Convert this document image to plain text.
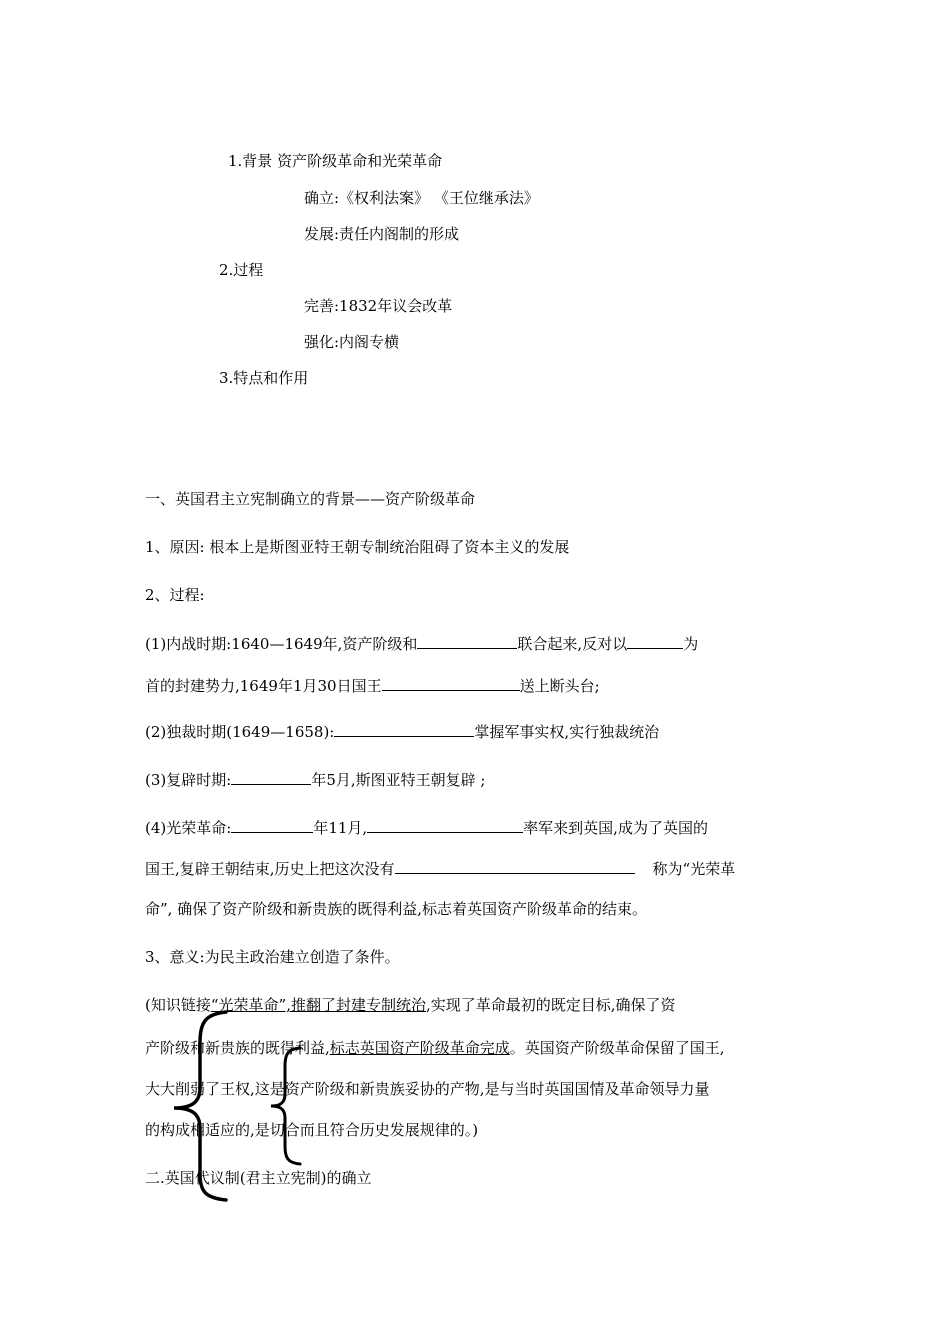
1.背景 资产阶级革命和光荣革命
确立:《权利法案》 《王位继承法》
发展:责任内阁制的形成
2.过程
完善:1832年议会改革
强化:内阁专横
3.特点和作用
一、英国君主立宪制确立的背景——资产阶级革命
1、原因: 根本上是斯图亚特王朝专制统治阻碍了资本主义的发展
2、过程:
(1)内战时期:1640—1649年,资产阶级和	联合起来,反对以	为
首的封建势力,1649年1月30日国王	送上断头台;
(2)独裁时期(1649—1658):	掌握军事实权,实行独裁统治
(3)复辟时期:	年5月,斯图亚特王朝复辟 ;
(4)光荣革命:	年11月,	率军来到英国,成为了英国的
国王,复辟王朝结束,历史上把这次没有	称为“光荣革
命”, 确保了资产阶级和新贵族的既得利益,标志着英国资产阶级革命的结束。
3、意义:为民主政治建立创造了条件。
(知识链接“光荣革命”,推翻了封建专制统治,实现了革命最初的既定目标,确保了资
产阶级和新贵族的既得利益,标志英国资产阶级革命完成。英国资产阶级革命保留了国王,
大大削弱了王权,这是资产阶级和新贵族妥协的产物,是与当时英国国情及革命领导力量
的构成相适应的,是切合而且符合历史发展规律的。)
二.英国代议制(君主立宪制)的确立
